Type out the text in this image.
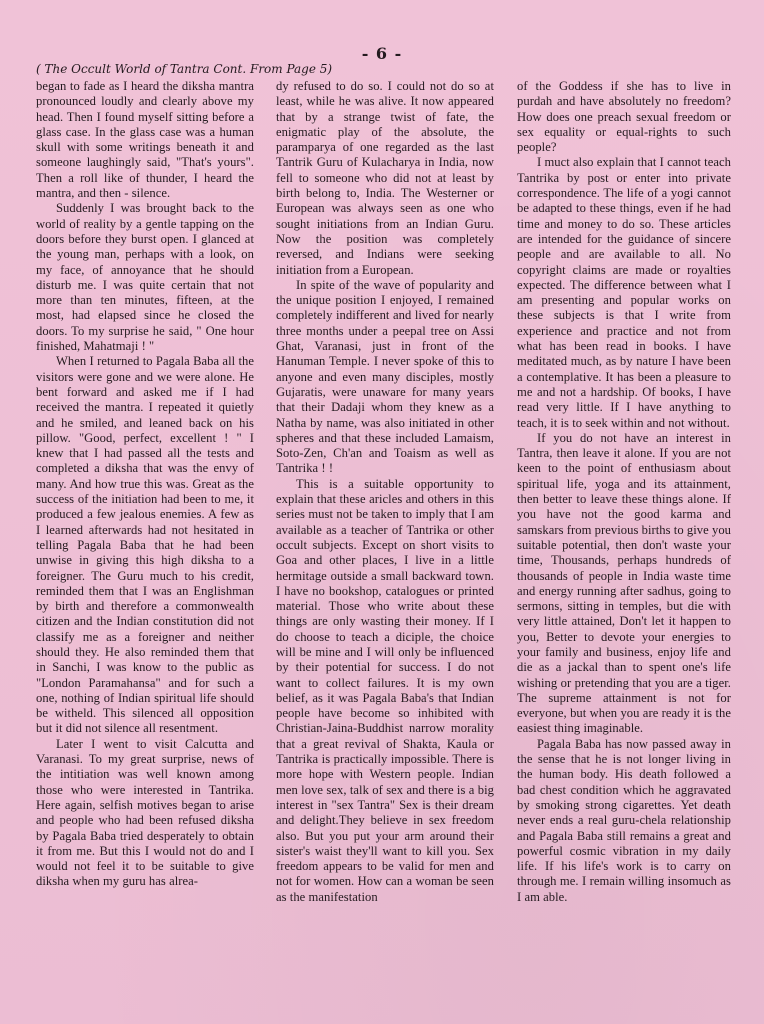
- 6 -
( The Occult World of Tantra Cont. From Page 5)

began to fade as I heard the diksha mantra pronounced loudly and clearly above my head. Then I found myself sitting before a glass case. In the glass case was a human skull with some writings beneath it and someone laughingly said, "That's yours". Then a roll like of thunder, I heard the mantra, and then - silence.

Suddenly I was brought back to the world of reality by a gentle tapping on the doors before they burst open. I glanced at the young man, perhaps with a look, on my face, of annoyance that he should disturb me. I was quite certain that not more than ten minutes, fifteen, at the most, had elapsed since he closed the doors. To my surprise he said, " One hour finished, Mahatmaji ! "

When I returned to Pagala Baba all the visitors were gone and we were alone. He bent forward and asked me if I had received the mantra. I repeated it quietly and he smiled, and leaned back on his pillow. "Good, perfect, excellent ! " I knew that I had passed all the tests and completed a diksha that was the envy of many. And how true this was. Great as the success of the initiation had been to me, it produced a few jealous enemies. A few as I learned afterwards had not hesitated in telling Pagala Baba that he had been unwise in giving this high diksha to a foreigner. The Guru much to his credit, reminded them that I was an Englishman by birth and therefore a commonwealth citizen and the Indian constitution did not classify me as a foreigner and neither should they. He also reminded them that in Sanchi, I was know to the public as "London Paramahansa" and for such a one, nothing of Indian spiritual life should be witheld. This silenced all opposition but it did not silence all resentment.

Later I went to visit Calcutta and Varanasi. To my great surprise, news of the intitiation was well known among those who were interested in Tantrika. Here again, selfish motives began to arise and people who had been refused diksha by Pagala Baba tried desperately to obtain it from me. But this I would not do and I would not feel it to be suitable to give diksha when my guru has alrea-

dy refused to do so. I could not do so at least, while he was alive. It now appeared that by a strange twist of fate, the enigmatic play of the absolute, the paramparya of one regarded as the last Tantrik Guru of Kulacharya in India, now fell to someone who did not at least by birth belong to, India. The Westerner or European was always seen as one who sought initiations from an Indian Guru. Now the position was completely reversed, and Indians were seeking initiation from a European.

In spite of the wave of popularity and the unique position I enjoyed, I remained completely indifferent and lived for nearly three months under a peepal tree on Assi Ghat, Varanasi, just in front of the Hanuman Temple. I never spoke of this to anyone and even many disciples, mostly Gujaratis, were unaware for many years that their Dadaji whom they knew as a Natha by name, was also initiated in other spheres and that these included Lamaism, Soto-Zen, Ch'an and Toaism as well as Tantrika ! !

This is a suitable opportunity to explain that these aricles and others in this series must not be taken to imply that I am available as a teacher of Tantrika or other occult subjects. Except on short visits to Goa and other places, I live in a little hermitage outside a small backward town. I have no bookshop, catalogues or printed material. Those who write about these things are only wasting their money. If I do choose to teach a diciple, the choice will be mine and I will only be influenced by their potential for success. I do not want to collect failures. It is my own belief, as it was Pagala Baba's that Indian people have become so inhibited with Christian-Jaina-Buddhist narrow morality that a great revival of Shakta, Kaula or Tantrika is practically impossible. There is more hope with Western people. Indian men love sex, talk of sex and there is a big interest in "sex Tantra" Sex is their dream and delight.They believe in sex freedom also. But you put your arm around their sister's waist they'll want to kill you. Sex freedom appears to be valid for men and not for women. How can a woman be seen as the manifestation

of the Goddess if she has to live in purdah and have absolutely no freedom? How does one preach sexual freedom or sex equality or equal-rights to such people?

I muct also explain that I cannot teach Tantrika by post or enter into private correspondence. The life of a yogi cannot be adapted to these things, even if he had time and money to do so. These articles are intended for the guidance of sincere people and are available to all. No copyright claims are made or royalties expected. The difference between what I am presenting and popular works on these subjects is that I write from experience and practice and not from what has been read in books. I have meditated much, as by nature I have been a contemplative. It has been a pleasure to me and not a hardship. Of books, I have read very little. If I have anything to teach, it is to seek within and not without.

If you do not have an interest in Tantra, then leave it alone. If you are not keen to the point of enthusiasm about spiritual life, yoga and its attainment, then better to leave these things alone. If you have not the good karma and samskars from previous births to give you suitable potential, then don't waste your time, Thousands, perhaps hundreds of thousands of people in India waste time and energy running after sadhus, going to sermons, sitting in temples, but die with very little attained, Don't let it happen to you, Better to devote your energies to your family and business, enjoy life and die as a jackal than to spent one's life wishing or pretending that you are a tiger. The supreme attainment is not for everyone, but when you are ready it is the easiest thing imaginable.

Pagala Baba has now passed away in the sense that he is not longer living in the human body. His death followed a bad chest condition which he aggravated by smoking strong cigarettes. Yet death never ends a real guru-chela relationship and Pagala Baba still remains a great and powerful cosmic vibration in my daily life. If his life's work is to carry on through me. I remain willing insomuch as I am able.
